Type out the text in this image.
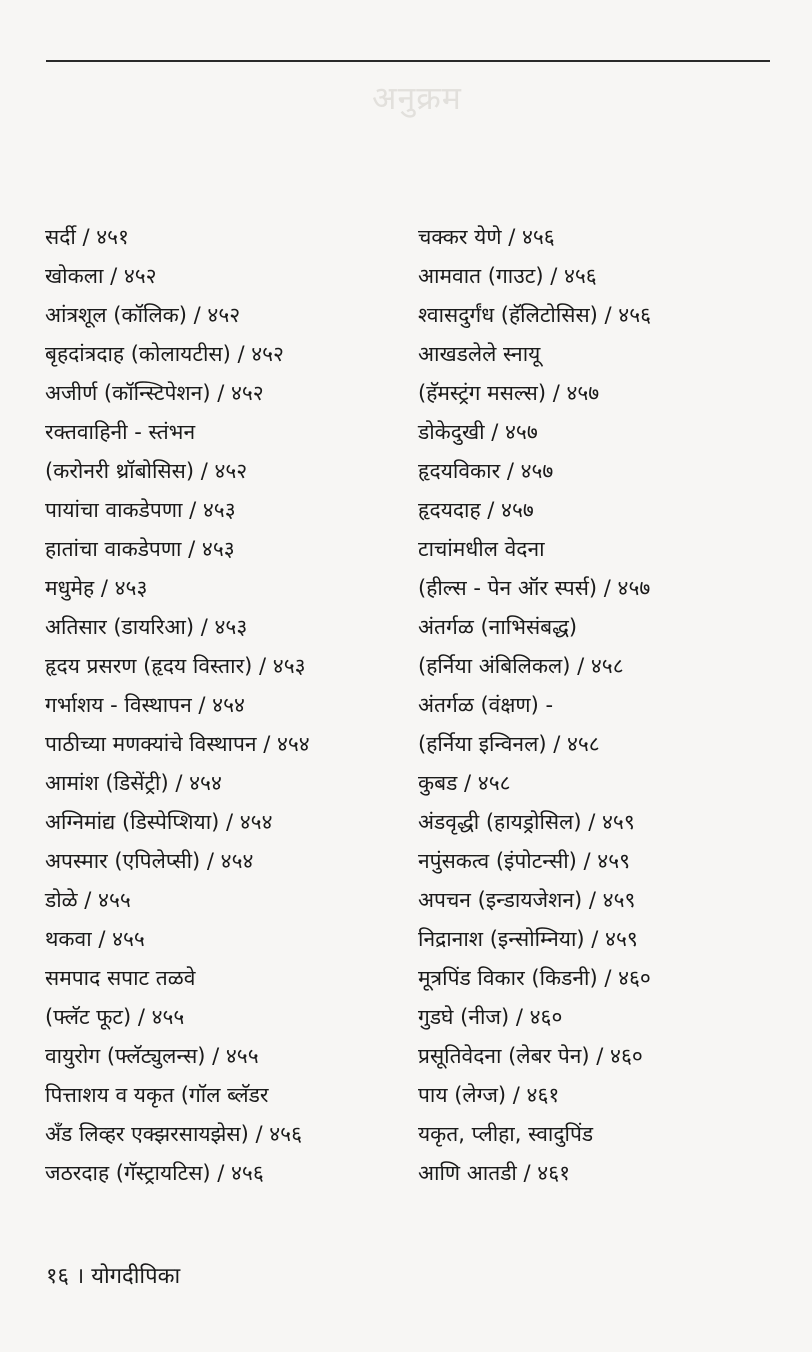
अनुक्रम
सर्दी / ४५१
खोकला / ४५२
आंत्रशूल (कॉलिक) / ४५२
बृहदांत्रदाह (कोलायटीस) / ४५२
अजीर्ण (कॉन्स्टिपेशन) / ४५२
रक्तवाहिनी - स्तंभन
(करोनरी थ्रॉबोसिस) / ४५२
पायांचा वाकडेपणा / ४५३
हातांचा वाकडेपणा / ४५३
मधुमेह / ४५३
अतिसार (डायरिआ) / ४५३
हृदय प्रसरण (हृदय विस्तार) / ४५३
गर्भाशय - विस्थापन / ४५४
पाठीच्या मणक्यांचे विस्थापन / ४५४
आमांश (डिसेंट्री) / ४५४
अग्निमांद्य (डिस्पेप्शिया) / ४५४
अपस्मार (एपिलेप्सी) / ४५४
डोळे / ४५५
थकवा / ४५५
समपाद सपाट तळवे
(फ्लॅट फूट) / ४५५
वायुरोग (फ्लॅट्युलन्स) / ४५५
पित्ताशय व यकृत (गॉल ब्लॅडर
अँड लिव्हर एक्झरसायझेस) / ४५६
जठरदाह (गॅस्ट्रायटिस) / ४५६
चक्कर येणे / ४५६
आमवात (गाउट) / ४५६
श्वासदुर्गंध (हॅलिटोसिस) / ४५६
आखडलेले स्नायू
(हॅमस्ट्रंग मसल्स) / ४५७
डोकेदुखी / ४५७
हृदयविकार / ४५७
हृदयदाह / ४५७
टाचांमधील वेदना
(हील्स - पेन ऑर स्पर्स) / ४५७
अंतर्गळ (नाभिसंबद्ध)
(हर्निया अंबिलिकल) / ४५८
अंतर्गळ (वंक्षण) -
(हर्निया इन्विनल) / ४५८
कुबड / ४५८
अंडवृद्धी (हायड्रोसिल) / ४५९
नपुंसकत्व (इंपोटन्सी) / ४५९
अपचन (इन्डायजेशन) / ४५९
निद्रानाश (इन्सोम्निया) / ४५९
मूत्रपिंड विकार (किडनी) / ४६०
गुडघे (नीज) / ४६०
प्रसूतिवेदना (लेबर पेन) / ४६०
पाय (लेग्ज) / ४६१
यकृत, प्लीहा, स्वादुपिंड
आणि आतडी / ४६१
१६ । योगदीपिका
